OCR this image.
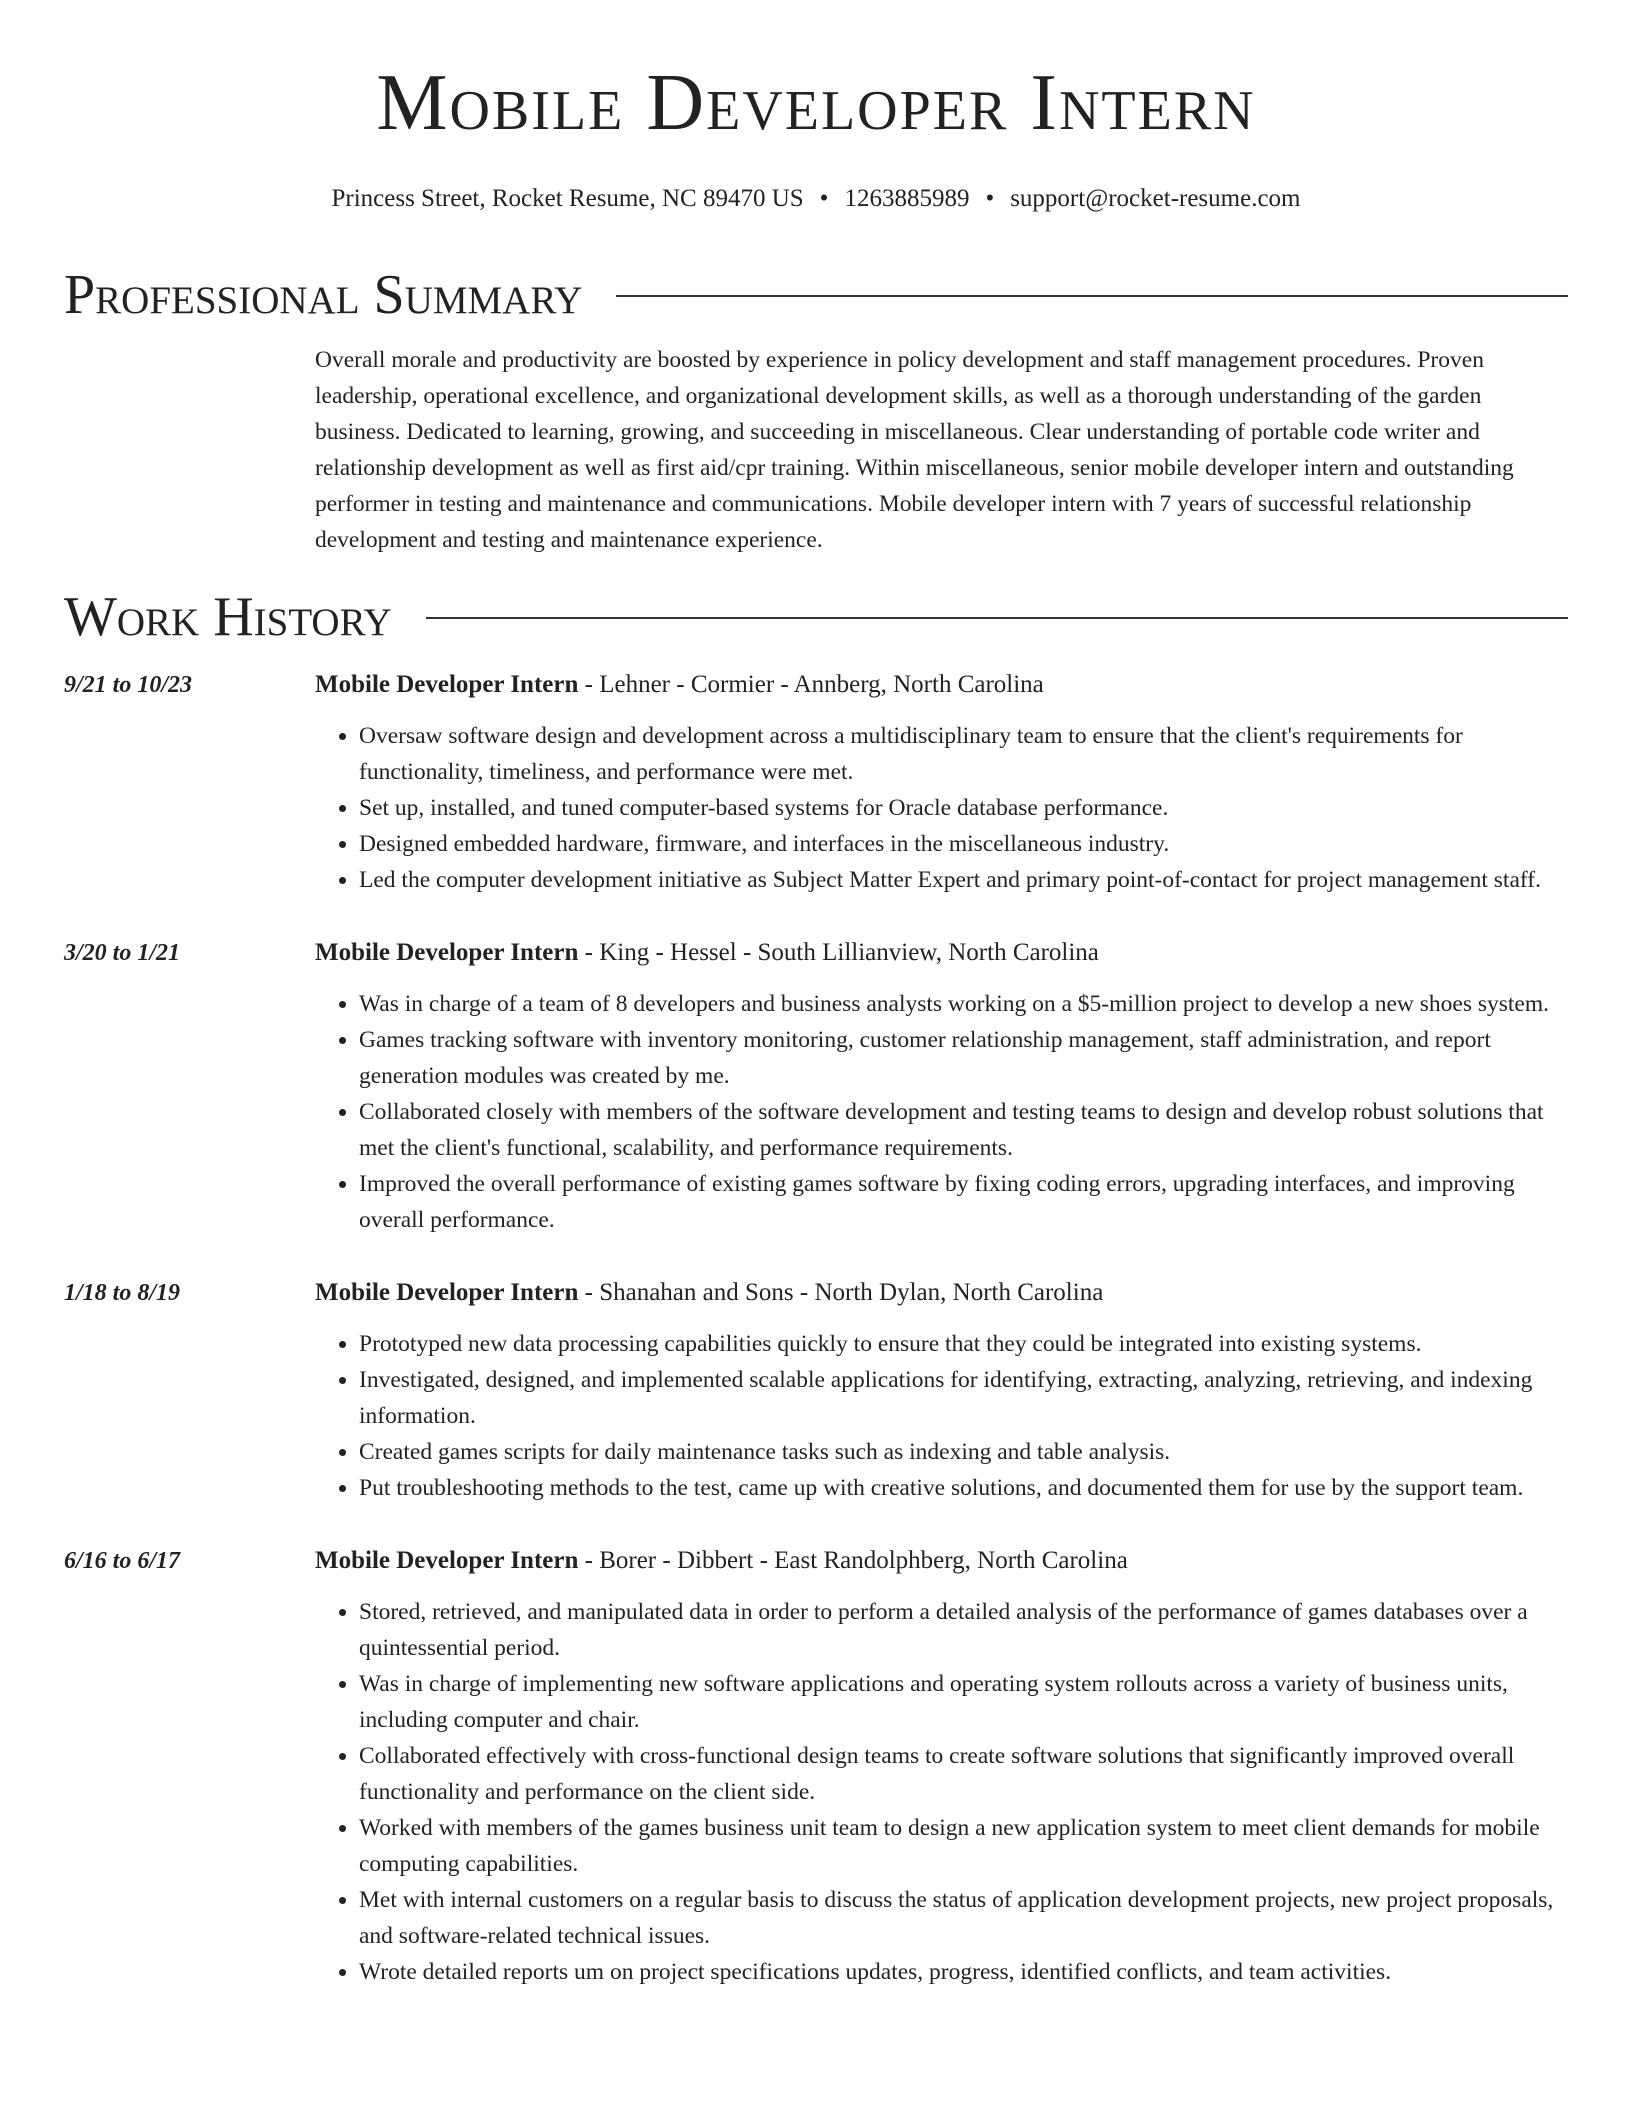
Mobile Developer Intern
Princess Street, Rocket Resume, NC 89470 US • 1263885989 • support@rocket-resume.com
Professional Summary
Overall morale and productivity are boosted by experience in policy development and staff management procedures. Proven leadership, operational excellence, and organizational development skills, as well as a thorough understanding of the garden business. Dedicated to learning, growing, and succeeding in miscellaneous. Clear understanding of portable code writer and relationship development as well as first aid/cpr training. Within miscellaneous, senior mobile developer intern and outstanding performer in testing and maintenance and communications. Mobile developer intern with 7 years of successful relationship development and testing and maintenance experience.
Work History
9/21 to 10/23	Mobile Developer Intern - Lehner - Cormier - Annberg, North Carolina
• Oversaw software design and development across a multidisciplinary team to ensure that the client's requirements for functionality, timeliness, and performance were met.
• Set up, installed, and tuned computer-based systems for Oracle database performance.
• Designed embedded hardware, firmware, and interfaces in the miscellaneous industry.
• Led the computer development initiative as Subject Matter Expert and primary point-of-contact for project management staff.
3/20 to 1/21	Mobile Developer Intern - King - Hessel - South Lillianview, North Carolina
• Was in charge of a team of 8 developers and business analysts working on a $5-million project to develop a new shoes system.
• Games tracking software with inventory monitoring, customer relationship management, staff administration, and report generation modules was created by me.
• Collaborated closely with members of the software development and testing teams to design and develop robust solutions that met the client's functional, scalability, and performance requirements.
• Improved the overall performance of existing games software by fixing coding errors, upgrading interfaces, and improving overall performance.
1/18 to 8/19	Mobile Developer Intern - Shanahan and Sons - North Dylan, North Carolina
• Prototyped new data processing capabilities quickly to ensure that they could be integrated into existing systems.
• Investigated, designed, and implemented scalable applications for identifying, extracting, analyzing, retrieving, and indexing information.
• Created games scripts for daily maintenance tasks such as indexing and table analysis.
• Put troubleshooting methods to the test, came up with creative solutions, and documented them for use by the support team.
6/16 to 6/17	Mobile Developer Intern - Borer - Dibbert - East Randolphberg, North Carolina
• Stored, retrieved, and manipulated data in order to perform a detailed analysis of the performance of games databases over a quintessential period.
• Was in charge of implementing new software applications and operating system rollouts across a variety of business units, including computer and chair.
• Collaborated effectively with cross-functional design teams to create software solutions that significantly improved overall functionality and performance on the client side.
• Worked with members of the games business unit team to design a new application system to meet client demands for mobile computing capabilities.
• Met with internal customers on a regular basis to discuss the status of application development projects, new project proposals, and software-related technical issues.
• Wrote detailed reports um on project specifications updates, progress, identified conflicts, and team activities.
